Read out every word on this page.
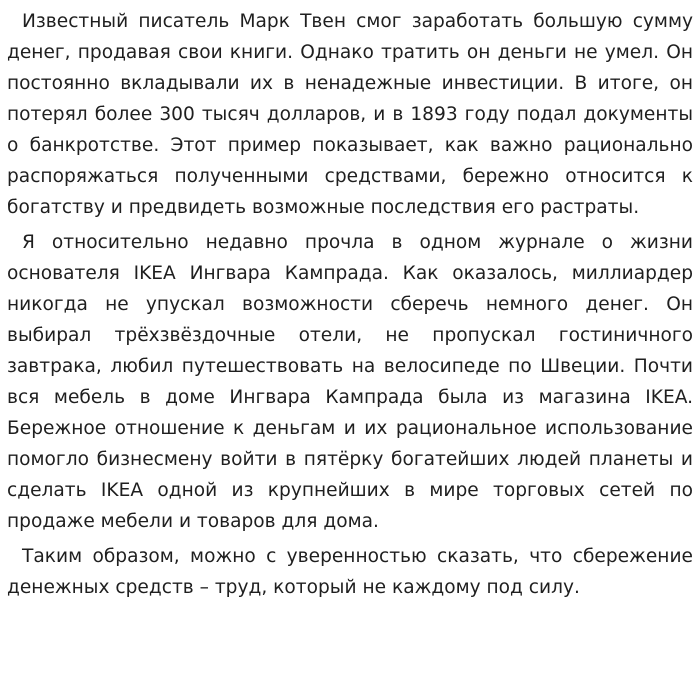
Известный писатель Марк Твен смог заработать большую сумму денег, продавая свои книги. Однако тратить он деньги не умел. Он постоянно вкладывали их в ненадежные инвестиции. В итоге, он потерял более 300 тысяч долларов, и в 1893 году подал документы о банкротстве. Этот пример показывает, как важно рационально распоряжаться полученными средствами, бережно относится к богатству и предвидеть возможные последствия его растраты.

Я относительно недавно прочла в одном журнале о жизни основателя IKEA Ингвара Кампрада. Как оказалось, миллиардер никогда не упускал возможности сберечь немного денег. Он выбирал трёхзвёздочные отели, не пропускал гостиничного завтрака, любил путешествовать на велосипеде по Швеции. Почти вся мебель в доме Ингвара Кампрада была из магазина IKEA. Бережное отношение к деньгам и их рациональное использование помогло бизнесмену войти в пятёрку богатейших людей планеты и сделать IKEA одной из крупнейших в мире торговых сетей по продаже мебели и товаров для дома.

Таким образом, можно с уверенностью сказать, что сбережение денежных средств – труд, который не каждому под силу.
